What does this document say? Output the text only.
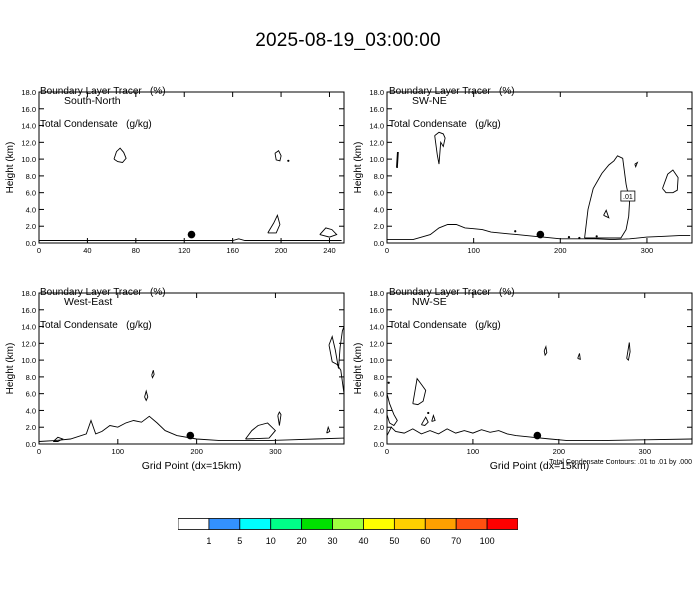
2025-08-19_03:00:00

Boundary Layer Tracer   (%)

Total Condensate   (g/kg)

Boundary Layer Tracer   (%)

Total Condensate   (g/kg)

Boundary Layer Tracer   (%)

Total Condensate   (g/kg)

Boundary Layer Tracer   (%)

Total Condensate   (g/kg)

0.0
2.0
4.0
6.0
8.0
10.0
12.0
14.0
16.0
18.0
0	40	80	120	160	200	240
Height (km)
South-North
0.0
2.0
4.0
6.0
8.0
10.0
12.0
14.0
16.0
18.0
0	100	200	300
Height (km)
SW-NE
.01
0.0
2.0
4.0
6.0
8.0
10.0
12.0
14.0
16.0
18.0
0	100	200	300
Height (km)
Grid Point (dx=15km)
West-East
0.0
2.0
4.0
6.0
8.0
10.0
12.0
14.0
16.0
18.0
0	100	200	300
Height (km)
Grid Point (dx=15km)
NW-SE
Total Condensate Contours: .01 to .01 by .000
1	5	10 20 30 40 50 60 70 100
